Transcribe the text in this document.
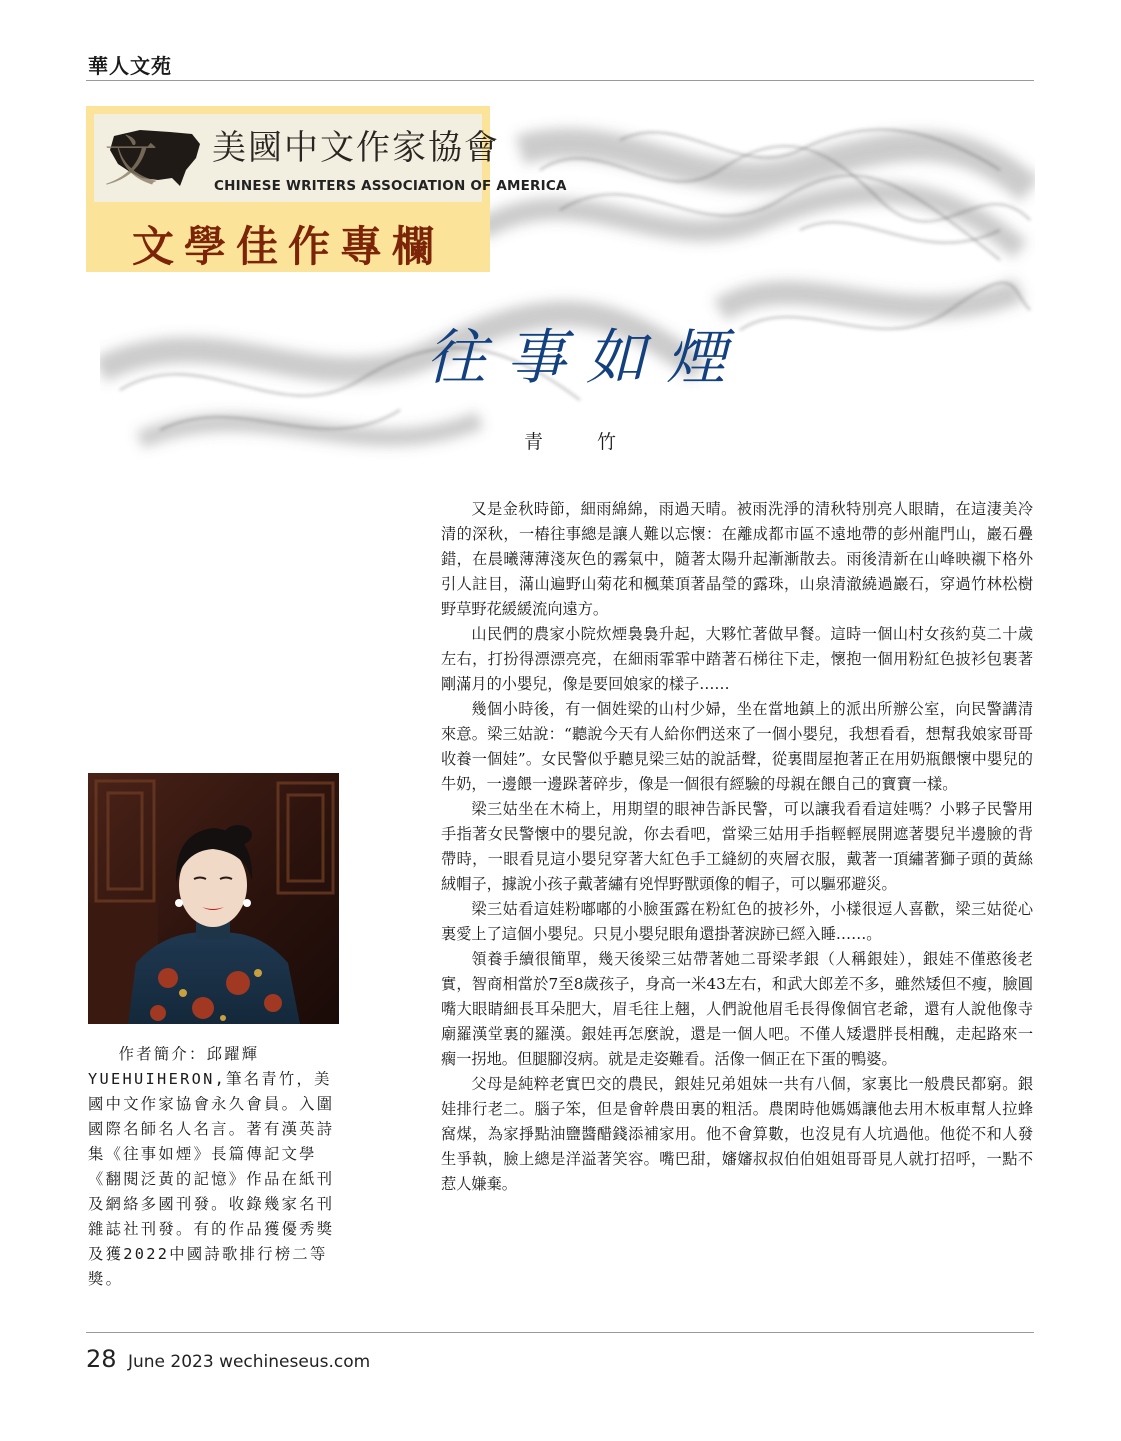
華人文苑
文 美國中文作家協會
CHINESE WRITERS ASSOCIATION OF AMERICA
文學佳作專欄
往事如煙
青 竹

作者簡介：邱躍輝YUEHUIHERON,筆名青竹，美國中文作家協會永久會員。入圍國際名師名人名言。著有漢英詩集《往事如煙》長篇傳記文學《翻閱泛黃的記憶》作品在紙刊及網絡多國刊發。收錄幾家名刊雜誌社刊發。有的作品獲優秀獎及獲2022中國詩歌排行榜二等獎。

又是金秋時節，細雨綿綿，雨過天晴。被雨洗淨的清秋特別亮人眼睛，在這淒美冷清的深秋，一樁往事總是讓人難以忘懷：在離成都市區不遠地帶的彭州龍門山，巖石疊錯，在晨曦薄薄淺灰色的霧氣中，隨著太陽升起漸漸散去。雨後清新在山峰映襯下格外引人註目，滿山遍野山菊花和楓葉頂著晶瑩的露珠，山泉清澈繞過巖石，穿過竹林松樹野草野花緩緩流向遠方。

山民們的農家小院炊煙裊裊升起，大夥忙著做早餐。這時一個山村女孩約莫二十歲左右，打扮得漂漂亮亮，在細雨霏霏中踏著石梯往下走，懷抱一個用粉紅色披衫包裹著剛滿月的小嬰兒，像是要回娘家的樣子……

幾個小時後，有一個姓梁的山村少婦，坐在當地鎮上的派出所辦公室，向民警講清來意。梁三姑說：“聽說今天有人給你們送來了一個小嬰兒，我想看看，想幫我娘家哥哥收養一個娃”。女民警似乎聽見梁三姑的說話聲，從裏間屋抱著正在用奶瓶餵懷中嬰兒的牛奶，一邊餵一邊跺著碎步，像是一個很有經驗的母親在餵自己的寶寶一樣。

梁三姑坐在木椅上，用期望的眼神告訴民警，可以讓我看看這娃嗎？小夥子民警用手指著女民警懷中的嬰兒說，你去看吧，當梁三姑用手指輕輕展開遮著嬰兒半邊臉的背帶時，一眼看見這小嬰兒穿著大紅色手工縫紉的夾層衣服，戴著一頂繡著獅子頭的黃絲絨帽子，據說小孩子戴著繡有兇悍野獸頭像的帽子，可以驅邪避災。

梁三姑看這娃粉嘟嘟的小臉蛋露在粉紅色的披衫外，小樣很逗人喜歡，梁三姑從心裏愛上了這個小嬰兒。只見小嬰兒眼角還掛著淚跡已經入睡……。

領養手續很簡單，幾天後梁三姑帶著她二哥梁孝銀（人稱銀娃），銀娃不僅憨後老實，智商相當於7至8歲孩子，身高一米43左右，和武大郎差不多，雖然矮但不瘦，臉圓嘴大眼睛細長耳朵肥大，眉毛往上翹，人們說他眉毛長得像個官老爺，還有人說他像寺廟羅漢堂裏的羅漢。銀娃再怎麼說，還是一個人吧。不僅人矮還胖長相醜，走起路來一瘸一拐地。但腿腳沒病。就是走姿難看。活像一個正在下蛋的鴨婆。

父母是純粹老實巴交的農民，銀娃兄弟姐妹一共有八個，家裏比一般農民都窮。銀娃排行老二。腦子笨，但是會幹農田裏的粗活。農閑時他媽媽讓他去用木板車幫人拉蜂窩煤，為家掙點油鹽醬醋錢添補家用。他不會算數，也沒見有人坑過他。他從不和人發生爭執，臉上總是洋溢著笑容。嘴巴甜，嬸嬸叔叔伯伯姐姐哥哥見人就打招呼，一點不惹人嫌棄。

28 June 2023 wechineseus.com
